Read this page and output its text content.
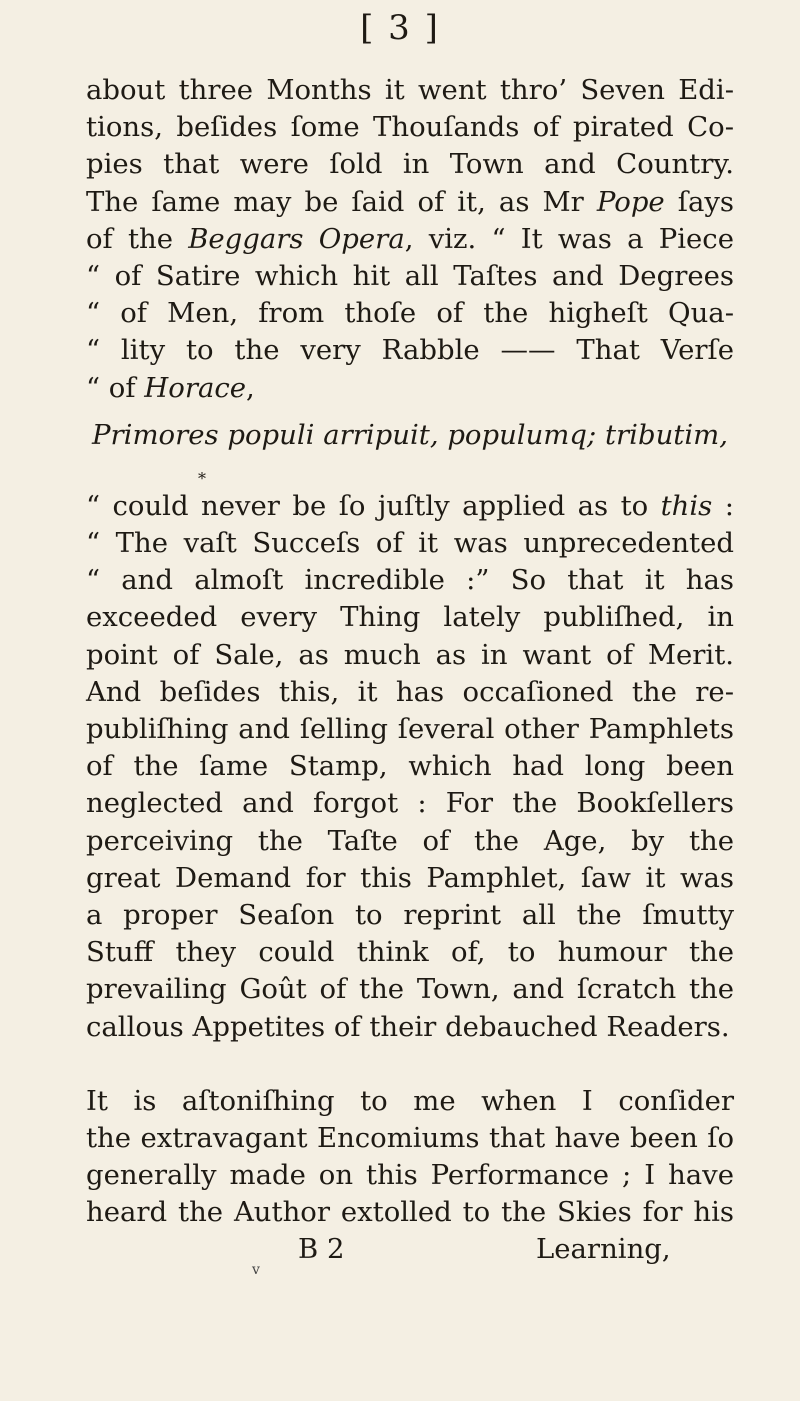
[ 3 ]
about three Months it went thro’ Seven Edi-
tions, beſides ſome Thouſands of pirated Co-
pies that were ſold in Town and Country.
The ſame may be ſaid of it, as Mr Pope ſays
of the Beggars Opera, viz. “ It was a Piece
“ of Satire which hit all Taſtes and Degrees
“ of Men, from thoſe of the higheſt Qua-
“ lity to the very Rabble —— That Verſe
“ of Horace,
Primores populi arripuit, populumq; tributim,
*
“ could never be ſo juſtly applied as to this :
“ The vaſt Succeſs of it was unprecedented
“ and almoſt incredible :” So that it has
exceeded every Thing lately publiſhed, in
point of Sale, as much as in want of Merit.
And beſides this, it has occaſioned the re-
publiſhing and ſelling ſeveral other Pamphlets
of the ſame Stamp, which had long been
neglected and forgot : For the Bookſellers
perceiving the Taſte of the Age, by the
great Demand for this Pamphlet, ſaw it was
a proper Seaſon to reprint all the ſmutty
Stuff they could think of, to humour the
prevailing Goût of the Town, and ſcratch the
callous Appetites of their debauched Readers.
It is aſtoniſhing to me when I conſider
the extravagant Encomiums that have been ſo
generally made on this Performance ; I have
heard the Author extolled to the Skies for his
B 2	Learning,
v
